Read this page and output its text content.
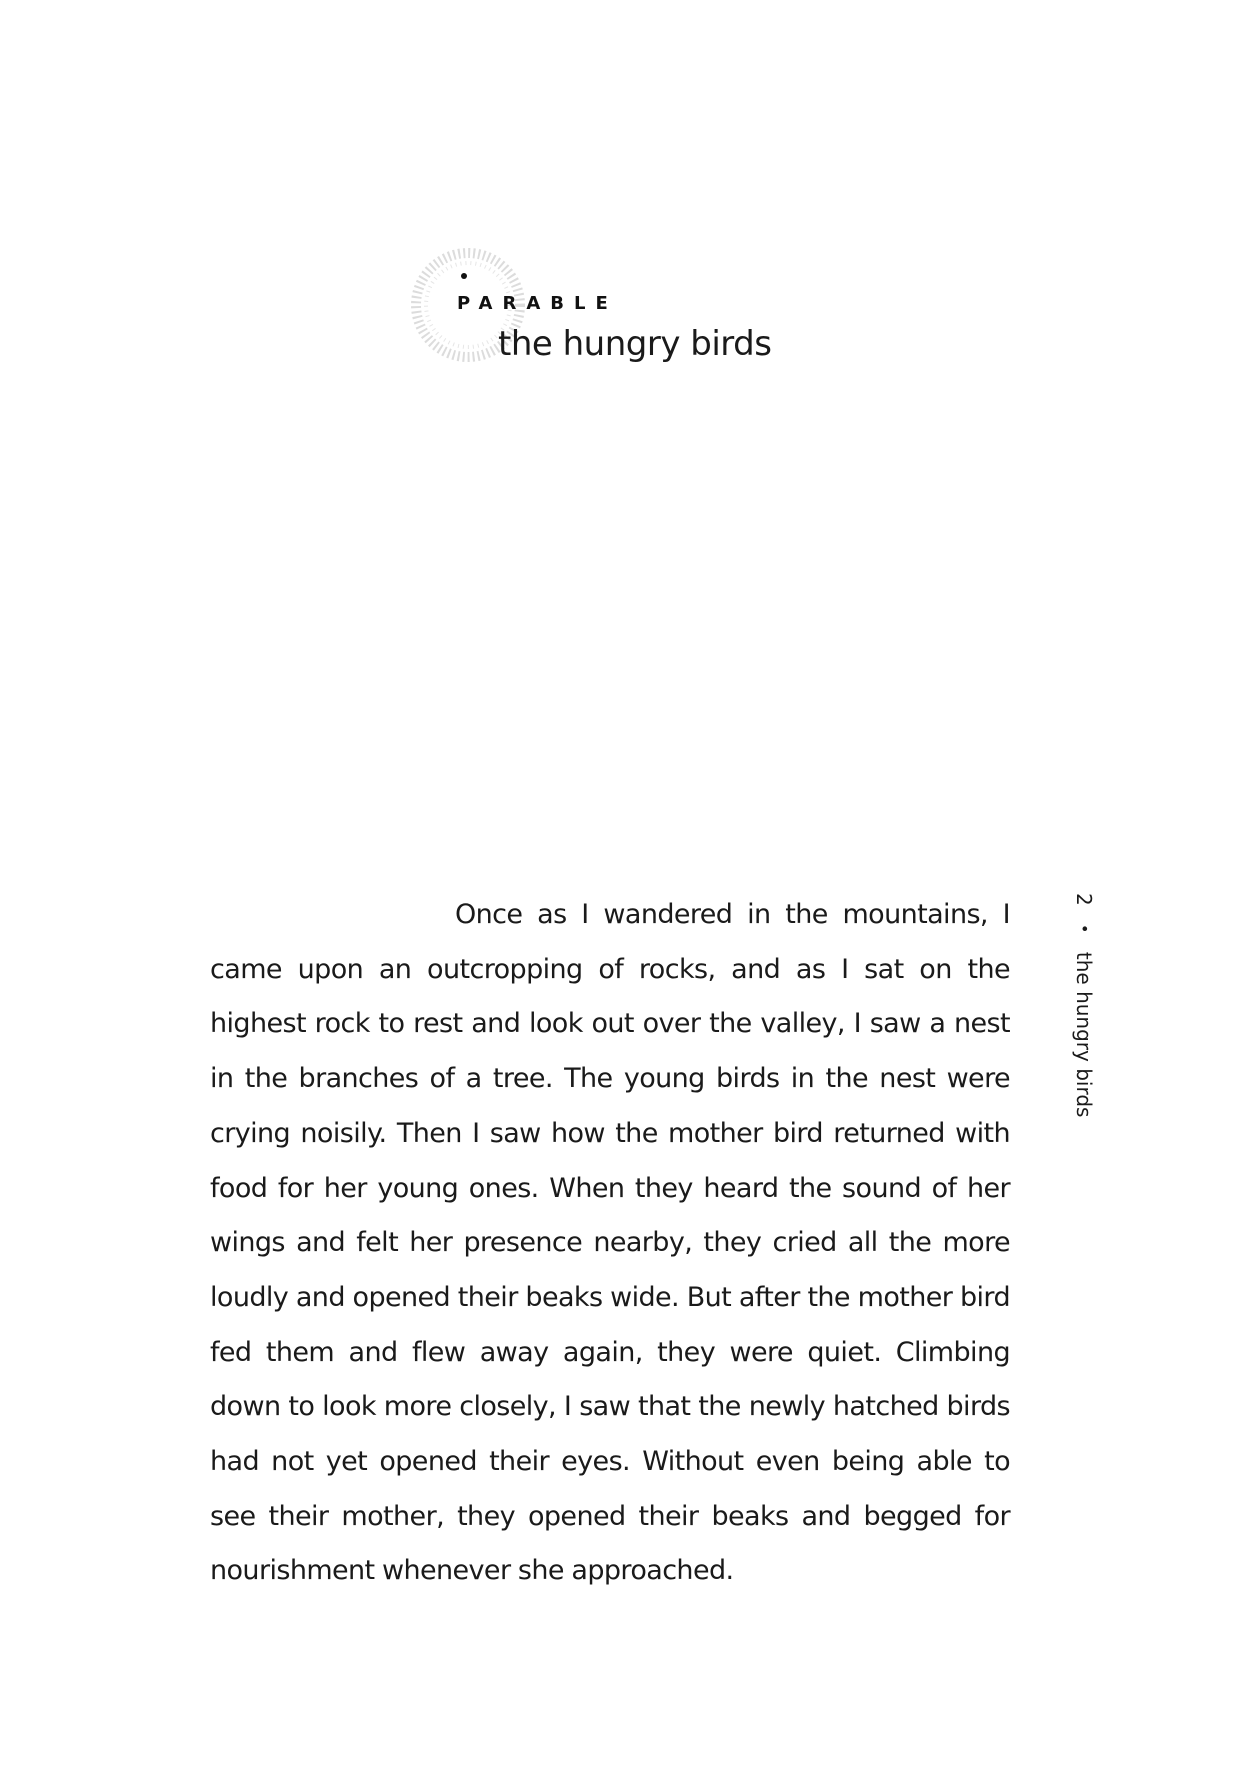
PARABLE
the hungry birds

Once as I wandered in the mountains, I came upon an outcropping of rocks, and as I sat on the highest rock to rest and look out over the valley, I saw a nest in the branches of a tree. The young birds in the nest were crying noisily. Then I saw how the mother bird returned with food for her young ones. When they heard the sound of her wings and felt her presence nearby, they cried all the more loudly and opened their beaks wide. But after the mother bird fed them and flew away again, they were quiet. Climbing down to look more closely, I saw that the newly hatched birds had not yet opened their eyes. Without even being able to see their mother, they opened their beaks and begged for nourishment whenever she approached.

2 • the hungry birds
